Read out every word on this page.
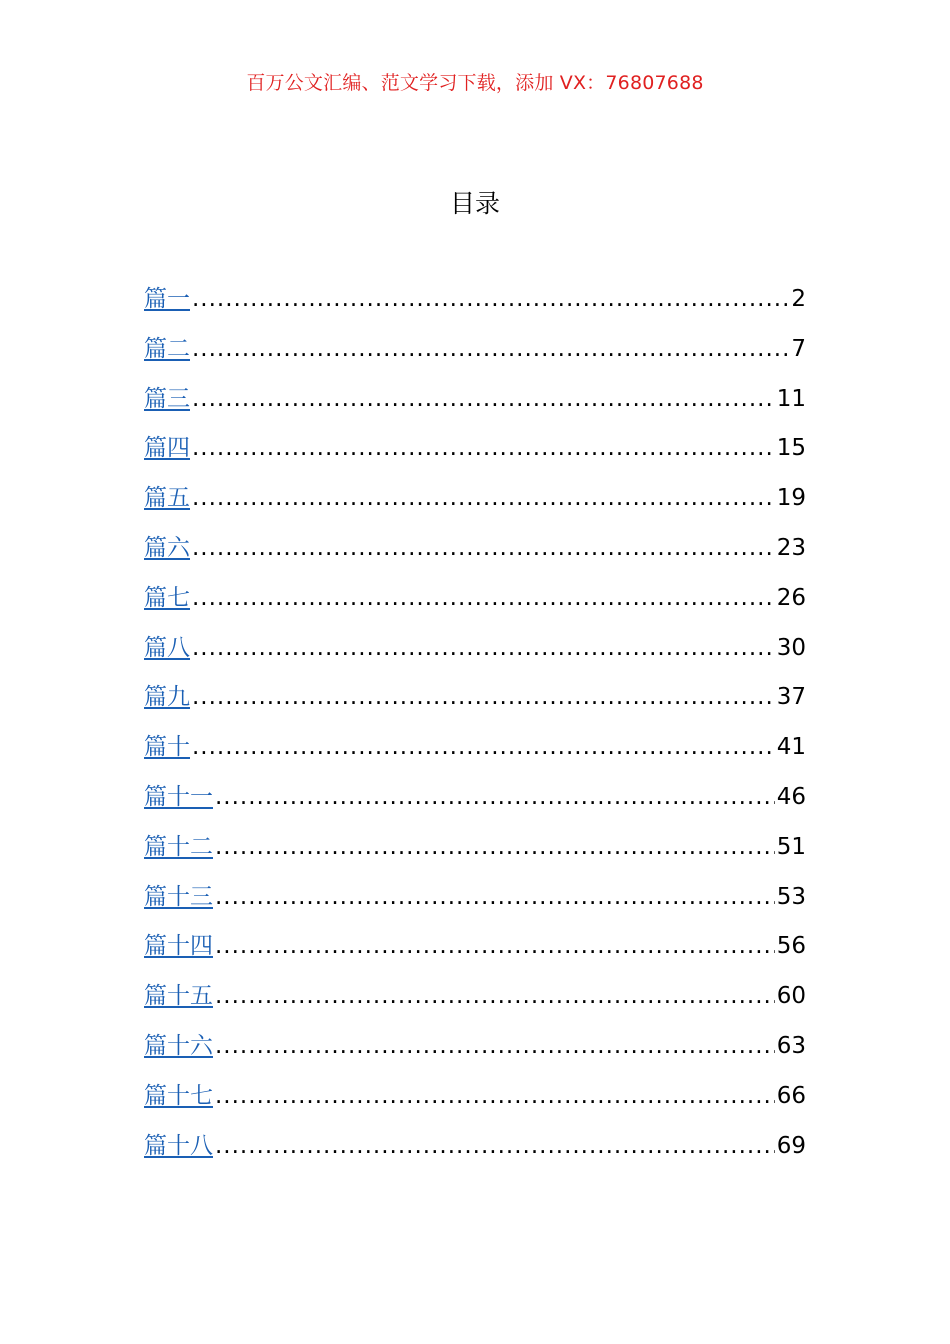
百万公文汇编、范文学习下载，添加 VX：76807688
目录
篇一 .....	2
篇二 .....	7
篇三 .....	11
篇四 .....	15
篇五 .....	19
篇六 .....	23
篇七 .....	26
篇八 .....	30
篇九 .....	37
篇十 .....	41
篇十一 .....	46
篇十二 .....	51
篇十三 .....	53
篇十四 .....	56
篇十五 .....	60
篇十六 .....	63
篇十七 .....	66
篇十八 .....	69
